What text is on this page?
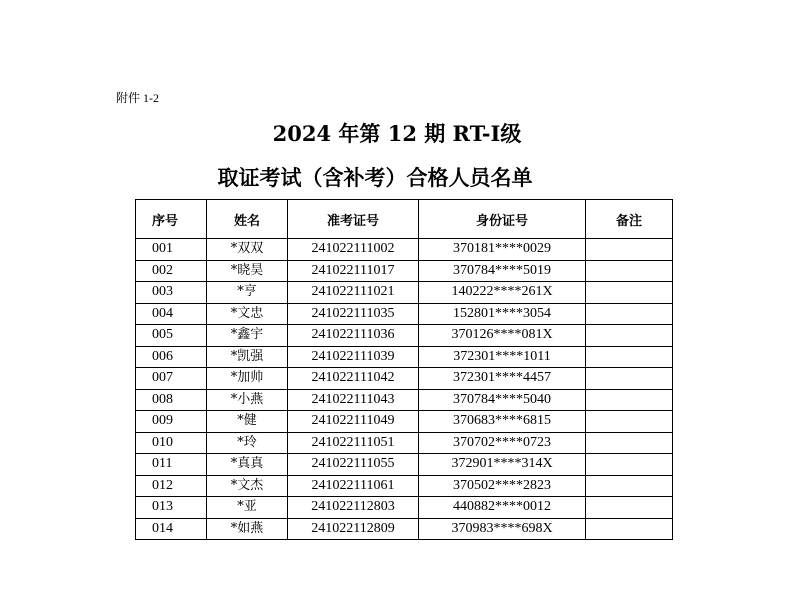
附件 1-2
2024 年第 12 期 RT-Ⅰ级
取证考试（含补考）合格人员名单
序号	姓名	准考证号	身份证号	备注
001	*双双	241022111002	370181****0029	
002	*晓昊	241022111017	370784****5019	
003	*亨	241022111021	140222****261X	
004	*文忠	241022111035	152801****3054	
005	*鑫宇	241022111036	370126****081X	
006	*凯强	241022111039	372301****1011	
007	*加帅	241022111042	372301****4457	
008	*小燕	241022111043	370784****5040	
009	*健	241022111049	370683****6815	
010	*玲	241022111051	370702****0723	
011	*真真	241022111055	372901****314X	
012	*文杰	241022111061	370502****2823	
013	*亚	241022112803	440882****0012	
014	*如燕	241022112809	370983****698X	
